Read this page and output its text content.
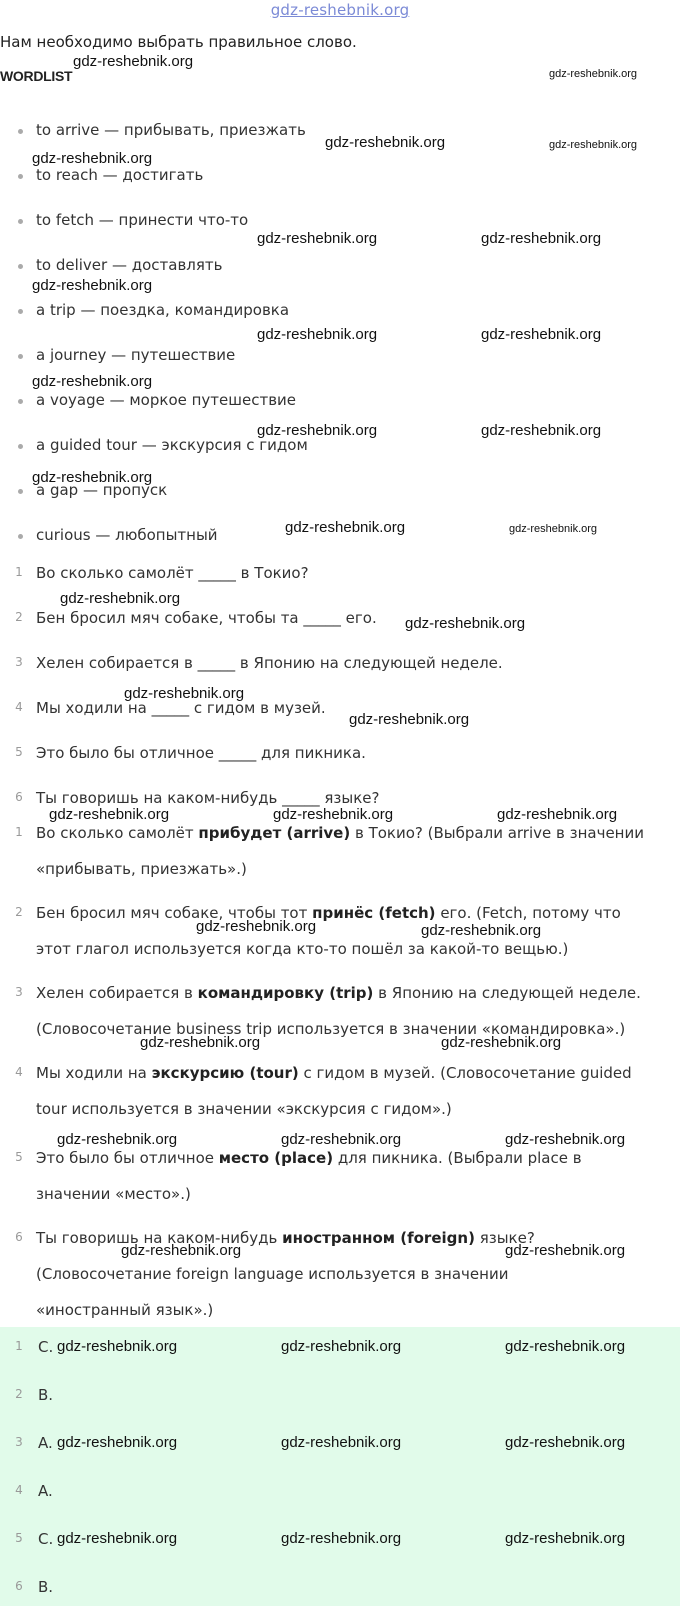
gdz-reshebnik.org
Нам необходимо выбрать правильное слово.
WORDLIST
to arrive — прибывать, приезжать
to reach — достигать
to fetch — принести что-то
to deliver — доставлять
a trip — поездка, командировка
a journey — путешествие
a voyage — моркое путешествие
a guided tour — экскурсия с гидом
a gap — пропуск
curious — любопытный
1 Во сколько самолёт _____ в Токио?
2 Бен бросил мяч собаке, чтобы та _____ его.
3 Хелен собирается в _____ в Японию на следующей неделе.
4 Мы ходили на _____ с гидом в музей.
5 Это было бы отличное _____ для пикника.
6 Ты говоришь на каком-нибудь _____ языке?
1 Во сколько самолёт прибудет (arrive) в Токио? (Выбрали arrive в значении
«прибывать, приезжать».)
2 Бен бросил мяч собаке, чтобы тот принёс (fetch) его. (Fetch, потому что
этот глагол используется когда кто-то пошёл за какой-то вещью.)
3 Хелен собирается в командировку (trip) в Японию на следующей неделе.
(Словосочетание business trip используется в значении «командировка».)
4 Мы ходили на экскурсию (tour) с гидом в музей. (Словосочетание guided
tour используется в значении «экскурсия с гидом».)
5 Это было бы отличное место (place) для пикника. (Выбрали place в
значении «место».)
6 Ты говоришь на каком-нибудь иностранном (foreign) языке?
(Словосочетание foreign language используется в значении
«иностранный язык».)
1 C.
2 B.
3 A.
4 A.
5 C.
6 B.
gdz-reshebnik.org
gdz-reshebnik.org
gdz-reshebnik.org	gdz-reshebnik.org
gdz-reshebnik.org
gdz-reshebnik.org	gdz-reshebnik.org
gdz-reshebnik.org
gdz-reshebnik.org	gdz-reshebnik.org
gdz-reshebnik.org
gdz-reshebnik.org	gdz-reshebnik.org
gdz-reshebnik.org
gdz-reshebnik.org	gdz-reshebnik.org
gdz-reshebnik.org
gdz-reshebnik.org
gdz-reshebnik.org
gdz-reshebnik.org
gdz-reshebnik.org	gdz-reshebnik.org	gdz-reshebnik.org
gdz-reshebnik.org	gdz-reshebnik.org
gdz-reshebnik.org	gdz-reshebnik.org
gdz-reshebnik.org	gdz-reshebnik.org	gdz-reshebnik.org
gdz-reshebnik.org	gdz-reshebnik.org
gdz-reshebnik.org	gdz-reshebnik.org	gdz-reshebnik.org
gdz-reshebnik.org	gdz-reshebnik.org	gdz-reshebnik.org
gdz-reshebnik.org	gdz-reshebnik.org	gdz-reshebnik.org
